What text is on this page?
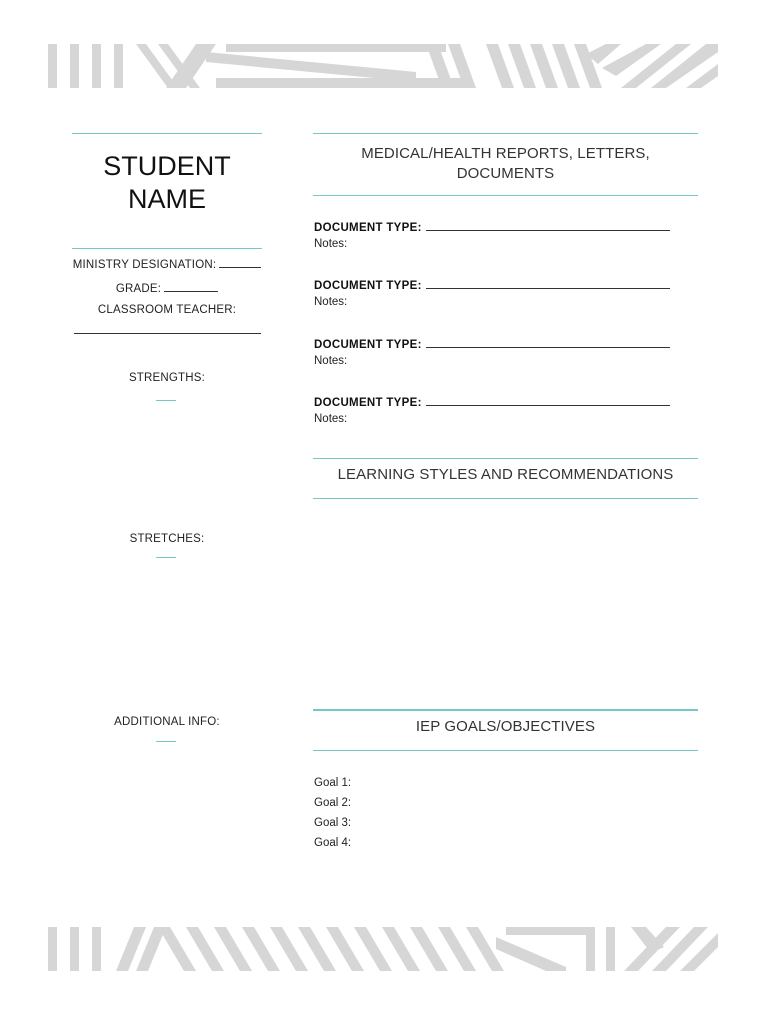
STUDENT
NAME
MINISTRY DESIGNATION:
GRADE:
CLASSROOM TEACHER:
STRENGTHS:
STRETCHES:
ADDITIONAL INFO:
MEDICAL/HEALTH REPORTS, LETTERS,
DOCUMENTS
DOCUMENT TYPE:
Notes:
DOCUMENT TYPE:
Notes:
DOCUMENT TYPE:
Notes:
DOCUMENT TYPE:
Notes:
LEARNING STYLES AND RECOMMENDATIONS
IEP GOALS/OBJECTIVES
Goal 1:
Goal 2:
Goal 3:
Goal 4:
